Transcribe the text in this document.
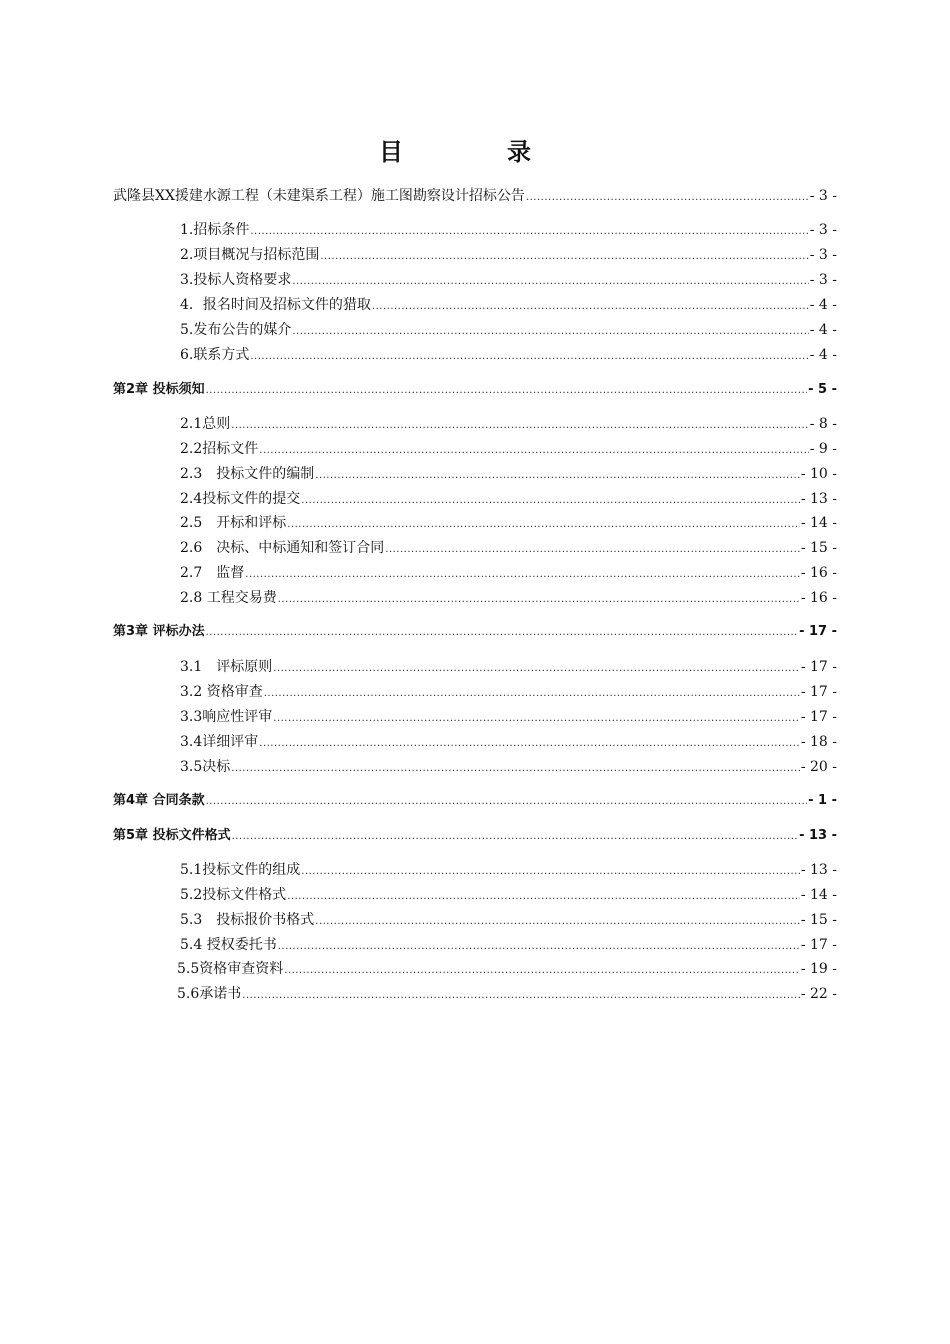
目　录
武隆县XX援建水源工程（未建渠系工程）施工图勘察设计招标公告 .....	- 3 -
1.招标条件 .....	- 3 -
2.项目概况与招标范围 .....	- 3 -
3.投标人资格要求 .....	- 3 -
4．报名时间及招标文件的猎取 .....	- 4 -
5.发布公告的媒介 .....	- 4 -
6.联系方式 .....	- 4 -
第2章 投标须知 .....	- 5 -
2.1总则 .....	- 8 -
2.2招标文件 .....	- 9 -
2.3　投标文件的编制 .....	- 10 -
2.4投标文件的提交 .....	- 13 -
2.5　开标和评标 .....	- 14 -
2.6　决标、中标通知和签订合同 .....	- 15 -
2.7　监督 .....	- 16 -
2.8 工程交易费 .....	- 16 -
第3章 评标办法 .....	- 17 -
3.1　评标原则 .....	- 17 -
3.2 资格审查 .....	- 17 -
3.3响应性评审 .....	- 17 -
3.4详细评审 .....	- 18 -
3.5决标 .....	- 20 -
第4章 合同条款 .....	- 1 -
第5章 投标文件格式 .....	- 13 -
5.1投标文件的组成 .....	- 13 -
5.2投标文件格式 .....	- 14 -
5.3　投标报价书格式 .....	- 15 -
5.4 授权委托书 .....	- 17 -
5.5资格审查资料 .....	- 19 -
5.6承诺书 .....	- 22 -
